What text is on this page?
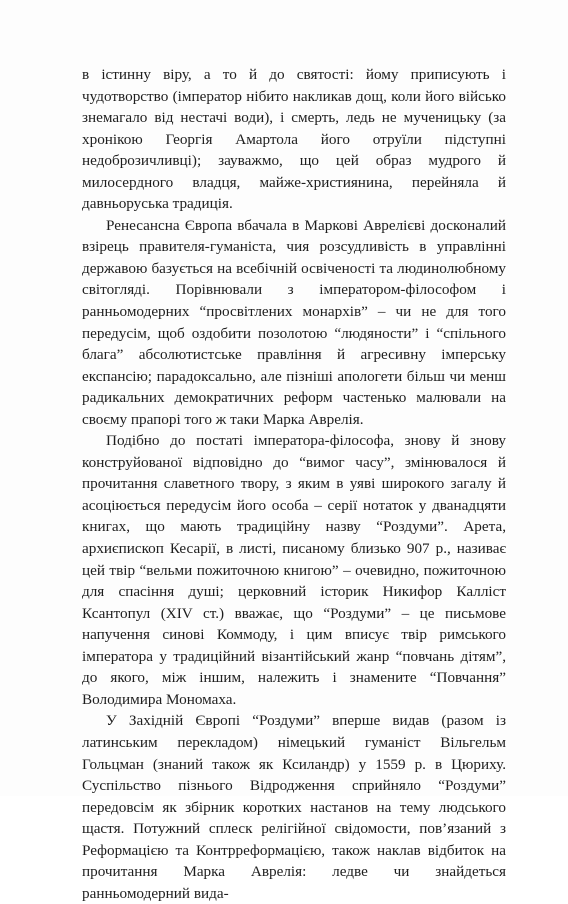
в істинну віру, а то й до святості: йому приписують і чудотворство (імператор нібито накликав дощ, коли його військо знемагало від нестачі води), і смерть, ледь не мученицьку (за хронікою Георгія Амартола його отруїли підступні недоброзичливці); зауважмо, що цей образ мудрого й милосердного владця, майже-християнина, перейняла й давньоруська традиція.

Ренесансна Європа вбачала в Маркові Аврелієві досконалий взірець правителя-гуманіста, чия розсудливість в управлінні державою базується на всебічній освіченості та людинолюбному світогляді. Порівнювали з імператором-філософом і ранньомодерних “просвітлених монархів” – чи не для того передусім, щоб оздобити позолотою “людяности” і “спільного блага” абсолютистське правління й агресивну імперську експансію; парадоксально, але пізніші апологети більш чи менш радикальних демократичних реформ частенько малювали на своєму прапорі того ж таки Марка Аврелія.

Подібно до постаті імператора-філософа, знову й знову конструйованої відповідно до “вимог часу”, змінювалося й прочитання славетного твору, з яким в уяві широкого загалу й асоціюється передусім його особа – серії нотаток у дванадцяти книгах, що мають традиційну назву “Роздуми”. Арета, архиєпископ Кесарії, в листі, писаному близько 907 р., називає цей твір “вельми пожиточною книгою” – очевидно, пожиточною для спасіння душі; церковний історик Никифор Калліст Ксантопул (XIV ст.) вважає, що “Роздуми” – це письмове напучення синові Коммоду, і цим вписує твір римського імператора у традиційний візантійський жанр “повчань дітям”, до якого, між іншим, належить і знамените “Повчання” Володимира Мономаха.

У Західній Європі “Роздуми” вперше видав (разом із латинським перекладом) німецький гуманіст Вільгельм Гольцман (знаний також як Ксиландр) у 1559 р. в Цюриху. Суспільство пізнього Відродження сприйняло “Роздуми” передовсім як збірник коротких настанов на тему людського щастя. Потужний сплеск релігійної свідомости, пов’язаний з Реформацією та Контрреформацією, також наклав відбиток на прочитання Марка Аврелія: ледве чи знайдеться ранньомодерний вида-
